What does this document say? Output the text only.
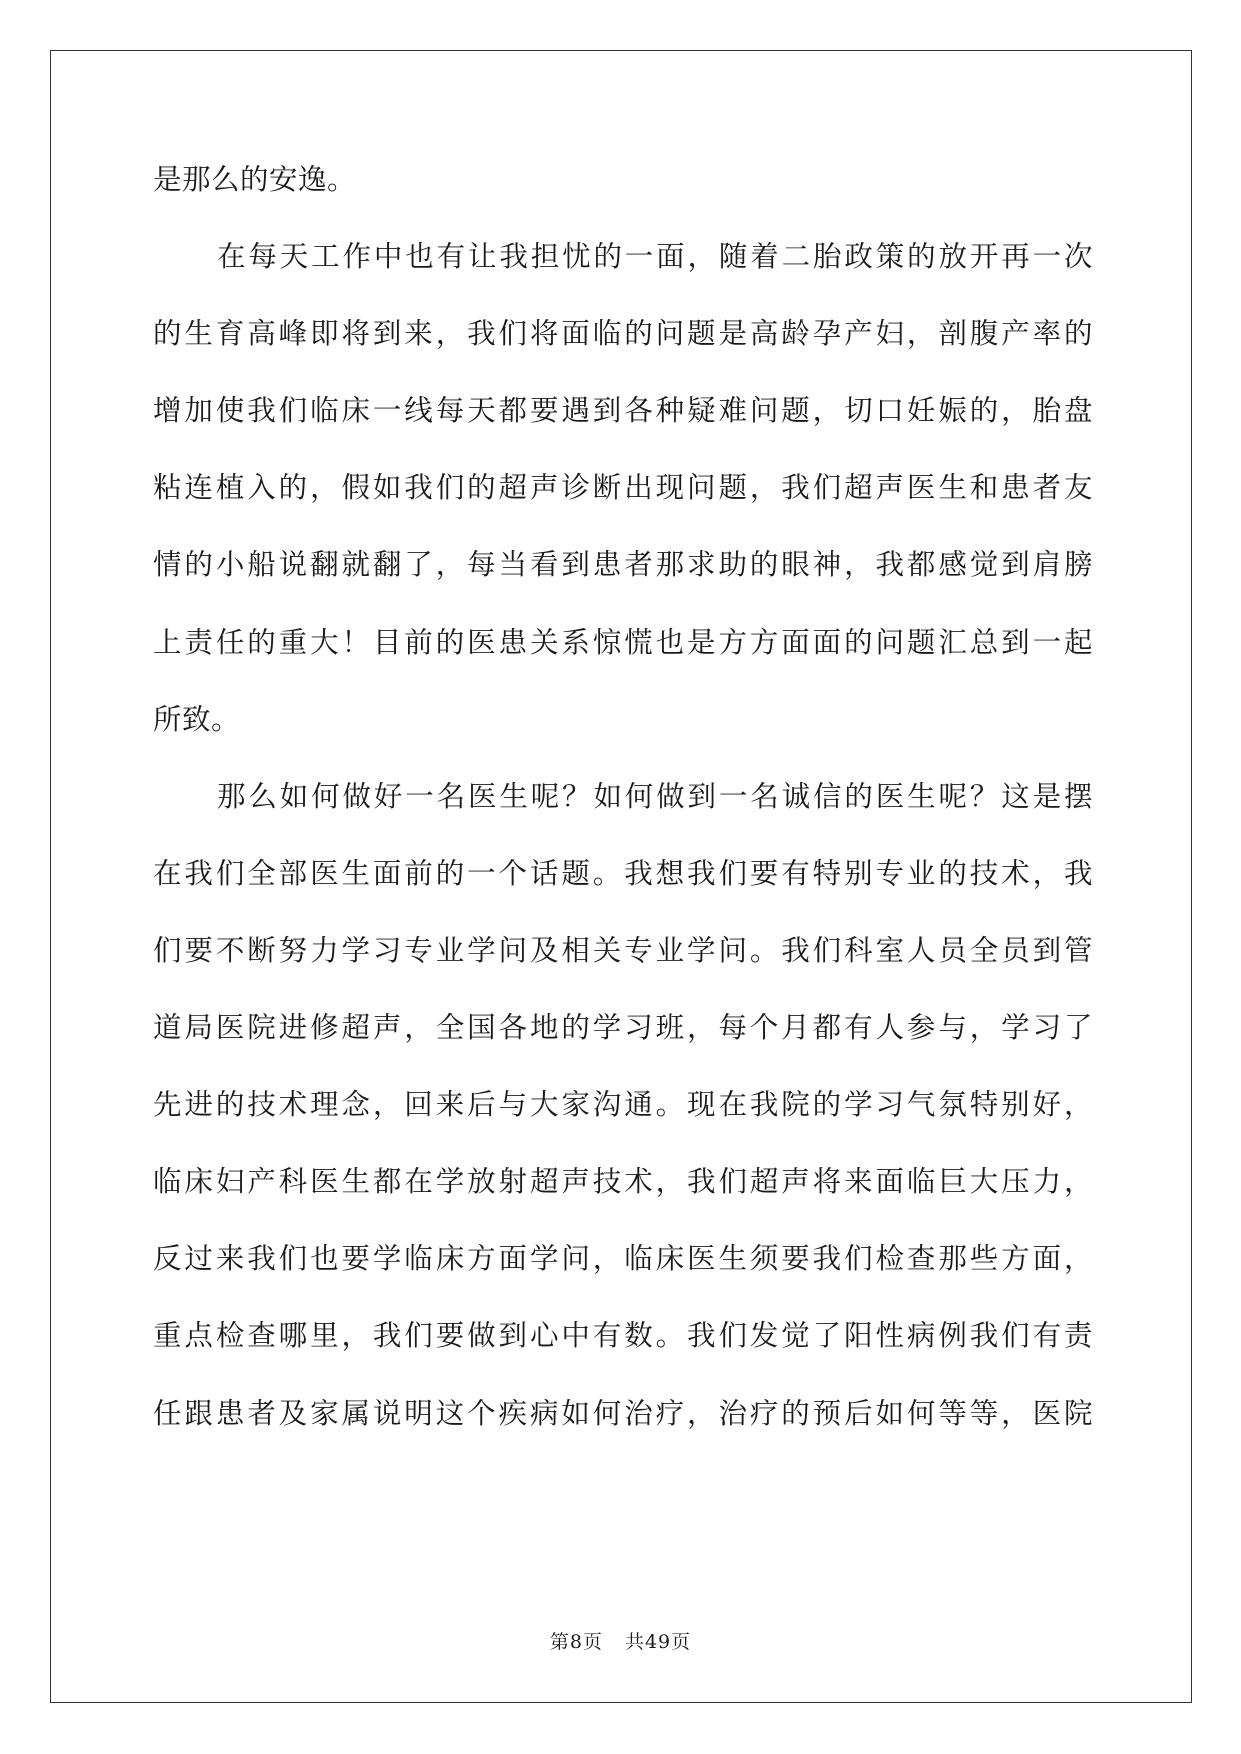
是那么的安逸。
在每天工作中也有让我担忧的一面，随着二胎政策的放开再一次
的生育高峰即将到来，我们将面临的问题是高龄孕产妇，剖腹产率的
增加使我们临床一线每天都要遇到各种疑难问题，切口妊娠的，胎盘
粘连植入的，假如我们的超声诊断出现问题，我们超声医生和患者友
情的小船说翻就翻了，每当看到患者那求助的眼神，我都感觉到肩膀
上责任的重大！目前的医患关系惊慌也是方方面面的问题汇总到一起
所致。
那么如何做好一名医生呢？如何做到一名诚信的医生呢？这是摆
在我们全部医生面前的一个话题。我想我们要有特别专业的技术，我
们要不断努力学习专业学问及相关专业学问。我们科室人员全员到管
道局医院进修超声，全国各地的学习班，每个月都有人参与，学习了
先进的技术理念，回来后与大家沟通。现在我院的学习气氛特别好，
临床妇产科医生都在学放射超声技术，我们超声将来面临巨大压力，
反过来我们也要学临床方面学问，临床医生须要我们检查那些方面，
重点检查哪里，我们要做到心中有数。我们发觉了阳性病例我们有责
任跟患者及家属说明这个疾病如何治疗，治疗的预后如何等等，医院
第8页 共49页
